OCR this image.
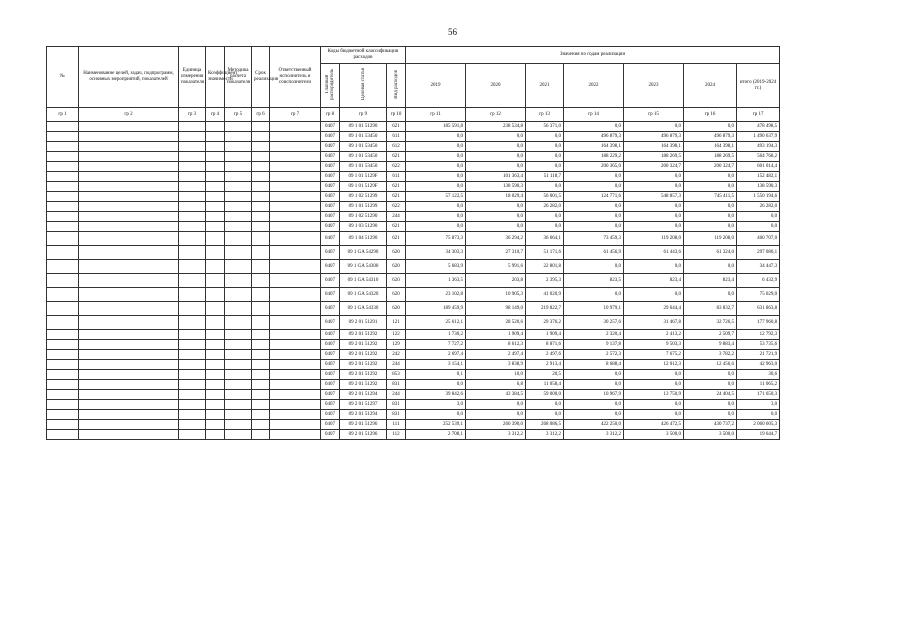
56
№	Наименование целей, задач, подпрограмм, основных мероприятий, показателей	Единица измерения показателя	Коэффициент значимости	Методика расчета показателя	Срок реализации	Ответственный исполнитель и соисполнители	Коды бюджетной классификации расходов			Значения по годам реализации						
							Главный распорядитель	Целевая статья	Вид расходов	2019	2020	2021	2022	2023	2024	итого (2019-2024 гг.)
гр 1	гр 2	гр 3	гр 4	гр 5	гр 6	гр 7	гр 8	гр 9	гр 10	гр 11	гр 12	гр 13	гр 14	гр 15	гр 16	гр 17
							0407	09 1 01 51290	621	185 591,8	238 534,8	56 371,0	0,0	0,0	0,0	478 498,5
							0407	09 1 01 53450	611	0,0	0,0	0,0	496 879,3	496 879,3	496 879,3	1 490 637,9
							0407	09 1 01 53450	612	0,0	0,0	0,0	164 398,1	164 398,1	164 398,1	493 194,3
							0407	09 1 01 53450	621	0,0	0,0	0,0	188 229,2	188 269,5	188 269,5	564 768,2
							0407	09 1 01 53450	622	0,0	0,0	0,0	200 365,0	200 324,7	200 324,7	601 014,4
							0407	09 1 01 5129F	611	0,0	101 363,4	51 118,7	0,0	0,0	0,0	152 482,1
							0407	09 1 01 5129F	621	0,0	138 590,3	0,0	0,0	0,0	0,0	138 590,3
							0407	09 1 02 51299	621	57 122,5	18 029,4	56 001,5	124 771,6	548 857,3	745 411,5	1 550 194,6
							0407	09 1 01 51299	622	0,0	0,0	26 282,0	0,0	0,0	0,0	26 282,0
							0407	09 1 02 51290	244	0,0	0,0	0,0	0,0	0,0	0,0	0,0
							0407	09 1 03 51290	621	0,0	0,0	0,0	0,0	0,0	0,0	0,0
							0407	09 1 04 51290	621	75 873,3	36 294,2	36 664,1	73 459,3	119 208,0	119 208,0	460 707,0
							0407	09 1 GA 54290	620	34 303,3	27 310,7	51 171,6	61 456,9	61 443,6	61 324,0	297 080,1
							0407	09 1 GA 54300	620	5 683,9	5 991,6	22 801,8	0,0	0,0	0,0	34 447,3
							0407	09 1 GA 54310	620	1 363,5	203,8	2 395,3	823,5	823,4	823,4	6 432,9
							0407	09 1 GA 54320	620	23 102,8	10 905,3	41 020,9	0,0	0,0	0,0	75 029,0
							0407	09 1 GA 54330	620	189 459,9	98 149,0	219 822,7	10 979,1	29 644,4	83 832,7	631 863,8
							0407	09 2 01 51291	121	25 612,1	28 520,6	29 376,2	30 257,6	31 467,8	32 726,5	177 960,8
							0407	09 2 01 51292	122	1 730,2	1 909,4	1 909,4	2 320,4	2 413,2	2 509,7	12 792,3
							0407	09 2 01 51292	129	7 727,2	8 612,3	8 871,6	9 137,8	9 503,3	9 883,4	53 735,6
							0407	09 2 01 51292	242	2 697,4	2 497,4	2 497,6	2 572,3	7 675,2	3 782,2	21 721,9
							0407	09 2 01 51292	244	3 154,1	3 838,9	2 913,4	8 688,4	12 012,3	12 456,6	42 963,0
							0407	09 2 01 51292	853	0,1	10,0	20,5	0,0	0,0	0,0	30,6
							0407	09 2 01 51292	831	0,0	6,8	11 058,4	0,0	0,0	0,0	11 065,2
							0407	09 2 01 51294	244	39 842,6	43 384,5	59 000,0	10 967,9	13 750,9	24 404,5	171 650,3
							0407	09 2 01 51297	831	3,0	0,0	0,0	0,0	0,0	0,0	3,0
							0407	09 2 01 51294	831	0,0	0,0	0,0	0,0	0,0	0,0	0,0
							0407	09 2 01 51296	111	252 539,1	260 390,0	268 086,5	422 250,0	426 472,5	430 737,2	2 060 605,3
							0407	09 2 01 51296	112	2 708,1	3 312,2	3 312,2	3 312,2	3 500,0	3 500,0	19 644,7
